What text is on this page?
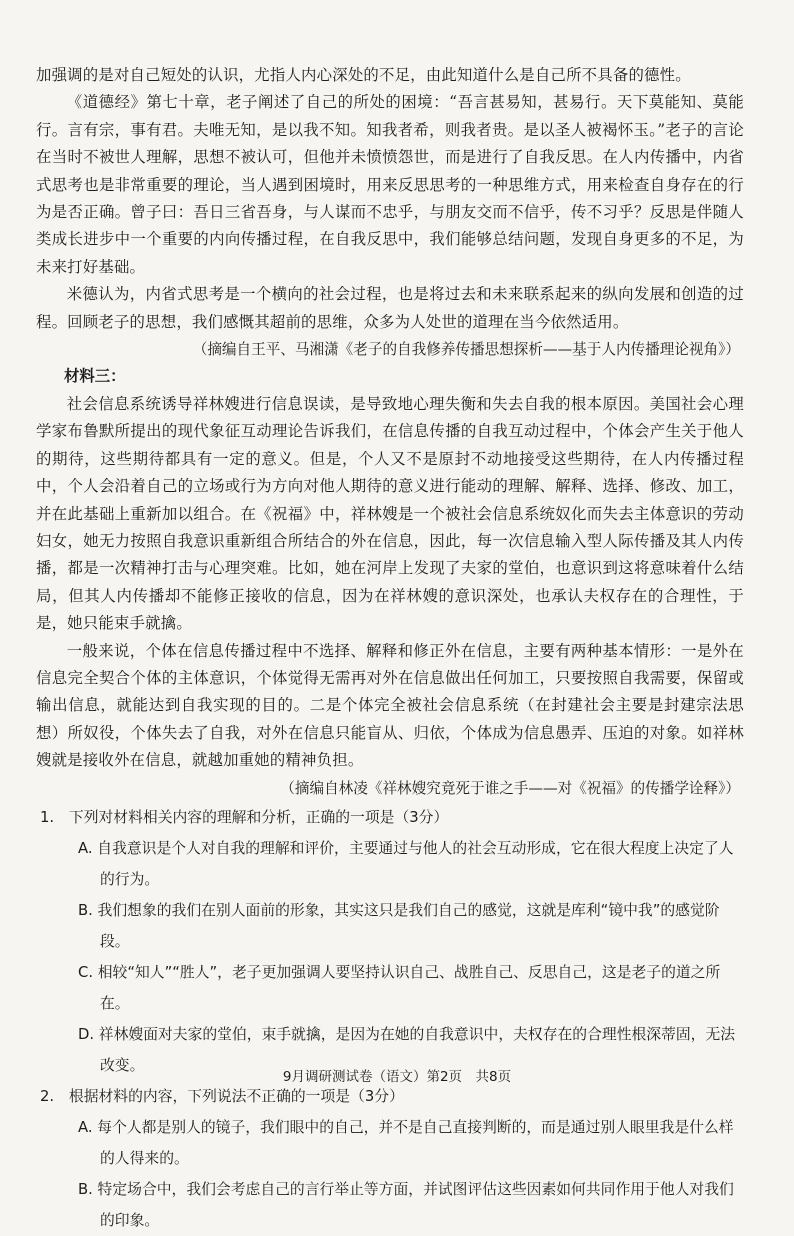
加强调的是对自己短处的认识，尤指人内心深处的不足，由此知道什么是自己所不具备的德性。

《道德经》第七十章，老子阐述了自己的所处的困境：“吾言甚易知，甚易行。天下莫能知、莫能行。言有宗，事有君。夫唯无知，是以我不知。知我者希，则我者贵。是以圣人被褐怀玉。”老子的言论在当时不被世人理解，思想不被认可，但他并未愤愤怨世，而是进行了自我反思。在人内传播中，内省式思考也是非常重要的理论，当人遇到困境时，用来反思思考的一种思维方式，用来检查自身存在的行为是否正确。曾子曰：吾日三省吾身，与人谋而不忠乎，与朋友交而不信乎，传不习乎？反思是伴随人类成长进步中一个重要的内向传播过程，在自我反思中，我们能够总结问题，发现自身更多的不足，为未来打好基础。

米德认为，内省式思考是一个横向的社会过程，也是将过去和未来联系起来的纵向发展和创造的过程。回顾老子的思想，我们感慨其超前的思维，众多为人处世的道理在当今依然适用。

（摘编自王平、马湘潇《老子的自我修养传播思想探析——基于人内传播理论视角》）

材料三：

社会信息系统诱导祥林嫂进行信息误读，是导致地心理失衡和失去自我的根本原因。美国社会心理学家布鲁默所提出的现代象征互动理论告诉我们，在信息传播的自我互动过程中，个体会产生关于他人的期待，这些期待都具有一定的意义。但是，个人又不是原封不动地接受这些期待，在人内传播过程中，个人会沿着自己的立场或行为方向对他人期待的意义进行能动的理解、解释、选择、修改、加工，并在此基础上重新加以组合。在《祝福》中，祥林嫂是一个被社会信息系统奴化而失去主体意识的劳动妇女，她无力按照自我意识重新组合所结合的外在信息，因此，每一次信息输入型人际传播及其人内传播，都是一次精神打击与心理突难。比如，她在河岸上发现了夫家的堂伯，也意识到这将意味着什么结局，但其人内传播却不能修正接收的信息，因为在祥林嫂的意识深处，也承认夫权存在的合理性，于是，她只能束手就擒。

一般来说，个体在信息传播过程中不选择、解释和修正外在信息，主要有两种基本情形：一是外在信息完全契合个体的主体意识，个体觉得无需再对外在信息做出任何加工，只要按照自我需要，保留或输出信息，就能达到自我实现的目的。二是个体完全被社会信息系统（在封建社会主要是封建宗法思想）所奴役，个体失去了自我，对外在信息只能盲从、归依，个体成为信息愚弄、压迫的对象。如祥林嫂就是接收外在信息，就越加重她的精神负担。

（摘编自林凌《祥林嫂究竟死于谁之手——对《祝福》的传播学诠释》）

1.　下列对材料相关内容的理解和分析，正确的一项是（3分）

A. 自我意识是个人对自我的理解和评价，主要通过与他人的社会互动形成，它在很大程度上决定了人的行为。

B. 我们想象的我们在别人面前的形象，其实这只是我们自己的感觉，这就是库利“镜中我”的感觉阶段。

C. 相较“知人”“胜人”，老子更加强调人要坚持认识自己、战胜自己、反思自己，这是老子的道之所在。

D. 祥林嫂面对夫家的堂伯，束手就擒，是因为在她的自我意识中，夫权存在的合理性根深蒂固，无法改变。

2.　根据材料的内容，下列说法不正确的一项是（3分）

A. 每个人都是别人的镜子，我们眼中的自己，并不是自己直接判断的，而是通过别人眼里我是什么样的人得来的。

B. 特定场合中，我们会考虑自己的言行举止等方面，并试图评估这些因素如何共同作用于他人对我们的印象。

9月调研测试卷（语文）第2页　共8页
